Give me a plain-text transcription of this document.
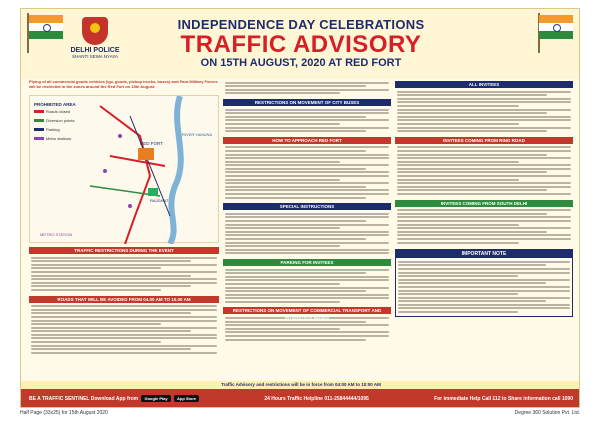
DELHI POLICE
SHANTI SEWA NYAYA
INDEPENDENCE DAY CELEBRATIONS
TRAFFIC ADVISORY
ON 15TH AUGUST, 2020 AT RED FORT
Plying of all commercial goods vehicles (lgv, goods, pickup trucks, buses) and Para Military Forces will be restricted in the zones around the Red Fort on 15th August.
RED FORT
RAJGHAT
RIVER YAMUNA
METRO STATION
PROHIBITED AREA
Roads closed
Diversion points
Parking
Metro stations
TRAFFIC RESTRICTIONS DURING THE EVENT
ROADS THAT WILL BE AVOIDED FROM 04.00 AM TO 10.00 AM
RESTRICTIONS ON MOVEMENT OF CITY BUSES
HOW TO APPROACH RED FORT
SPECIAL INSTRUCTIONS
PARKING FOR INVITEES
RESTRICTIONS ON MOVEMENT OF COMMERCIAL TRANSPORT AND INTERSTATE BUSES
ALL INVITEES
INVITEES COMING FROM RING ROAD
INVITEES COMING FROM SOUTH DELHI
IMPORTANT NOTE
Traffic Advisory and restrictions will be in force from 04:00 AM to 10:00 AM
BE A TRAFFIC SENTINEL Download App from Google Play App Store	24 Hours Traffic Helpline 011-25844444/1095	For immediate Help Call 112 to Share information call 1090
Half Page (33x25) for 15th August 2020	Degree 360 Solution Pvt. Ltd.
